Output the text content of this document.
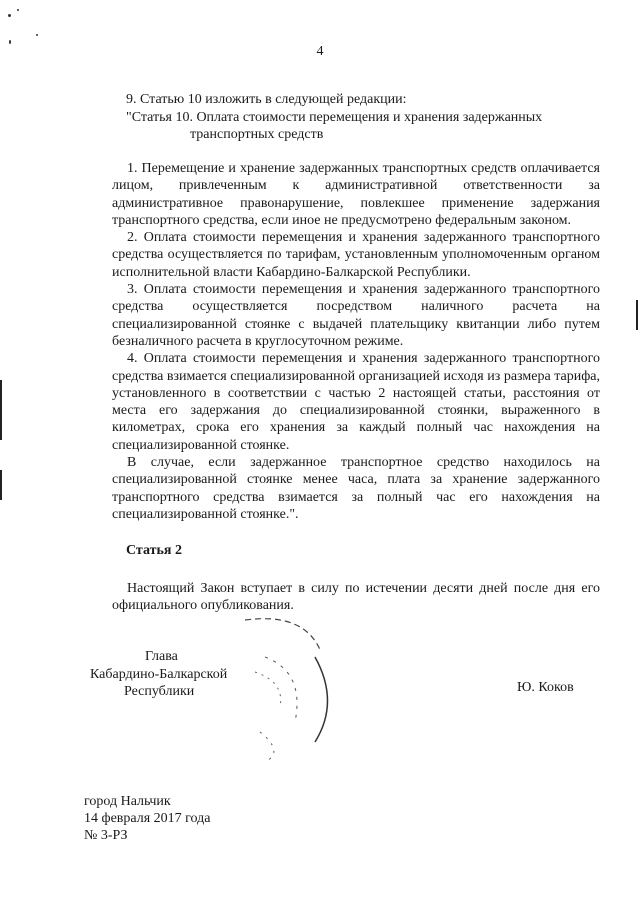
4
9. Статью 10 изложить в следующей редакции:
"Статья 10. Оплата стоимости перемещения и хранения задержанных
транспортных средств

1. Перемещение и хранение задержанных транспортных средств оплачивается лицом, привлеченным к административной ответственности за административное правонарушение, повлекшее применение задержания транспортного средства, если иное не предусмотрено федеральным законом.

2. Оплата стоимости перемещения и хранения задержанного транспортного средства осуществляется по тарифам, установленным уполномоченным органом исполнительной власти Кабардино-Балкарской Республики.

3. Оплата стоимости перемещения и хранения задержанного транспортного средства осуществляется посредством наличного расчета на специализированной стоянке с выдачей плательщику квитанции либо путем безналичного расчета в круглосуточном режиме.

4. Оплата стоимости перемещения и хранения задержанного транспортного средства взимается специализированной организацией исходя из размера тарифа, установленного в соответствии с частью 2 настоящей статьи, расстояния от места его задержания до специализированной стоянки, выраженного в километрах, срока его хранения за каждый полный час нахождения на специализированной стоянке.

В случае, если задержанное транспортное средство находилось на специализированной стоянке менее часа, плата за хранение задержанного транспортного средства взимается за полный час его нахождения на специализированной стоянке.".

Статья 2

Настоящий Закон вступает в силу по истечении десяти дней после дня его официального опубликования.

Глава
Кабардино-Балкарской
Республики	Ю. Коков
город Нальчик
14 февраля 2017 года
№ 3-РЗ
